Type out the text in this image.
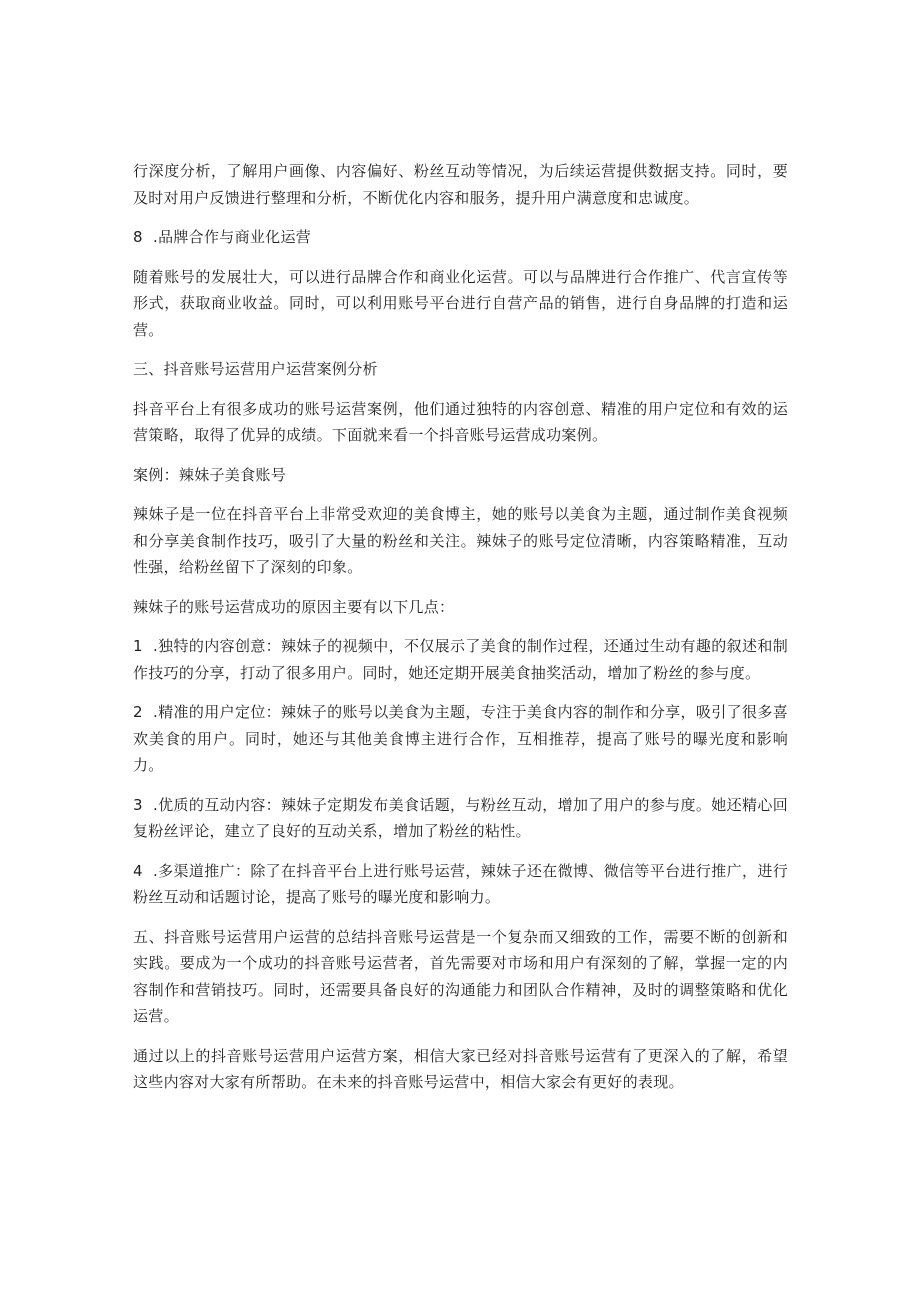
行深度分析，了解用户画像、内容偏好、粉丝互动等情况，为后续运营提供数据支持。同时，要及时对用户反馈进行整理和分析，不断优化内容和服务，提升用户满意度和忠诚度。

8 .品牌合作与商业化运营

随着账号的发展壮大，可以进行品牌合作和商业化运营。可以与品牌进行合作推广、代言宣传等形式，获取商业收益。同时，可以利用账号平台进行自营产品的销售，进行自身品牌的打造和运营。

三、抖音账号运营用户运营案例分析

抖音平台上有很多成功的账号运营案例，他们通过独特的内容创意、精准的用户定位和有效的运营策略，取得了优异的成绩。下面就来看一个抖音账号运营成功案例。

案例：辣妹子美食账号

辣妹子是一位在抖音平台上非常受欢迎的美食博主，她的账号以美食为主题，通过制作美食视频和分享美食制作技巧，吸引了大量的粉丝和关注。辣妹子的账号定位清晰，内容策略精准，互动性强，给粉丝留下了深刻的印象。

辣妹子的账号运营成功的原因主要有以下几点：

1 .独特的内容创意：辣妹子的视频中，不仅展示了美食的制作过程，还通过生动有趣的叙述和制作技巧的分享，打动了很多用户。同时，她还定期开展美食抽奖活动，增加了粉丝的参与度。

2 .精准的用户定位：辣妹子的账号以美食为主题，专注于美食内容的制作和分享，吸引了很多喜欢美食的用户。同时，她还与其他美食博主进行合作，互相推荐，提高了账号的曝光度和影响力。

3 .优质的互动内容：辣妹子定期发布美食话题，与粉丝互动，增加了用户的参与度。她还精心回复粉丝评论，建立了良好的互动关系，增加了粉丝的粘性。

4 .多渠道推广：除了在抖音平台上进行账号运营，辣妹子还在微博、微信等平台进行推广，进行粉丝互动和话题讨论，提高了账号的曝光度和影响力。

五、抖音账号运营用户运营的总结抖音账号运营是一个复杂而又细致的工作，需要不断的创新和实践。要成为一个成功的抖音账号运营者，首先需要对市场和用户有深刻的了解，掌握一定的内容制作和营销技巧。同时，还需要具备良好的沟通能力和团队合作精神，及时的调整策略和优化运营。

通过以上的抖音账号运营用户运营方案，相信大家已经对抖音账号运营有了更深入的了解，希望这些内容对大家有所帮助。在未来的抖音账号运营中，相信大家会有更好的表现。
